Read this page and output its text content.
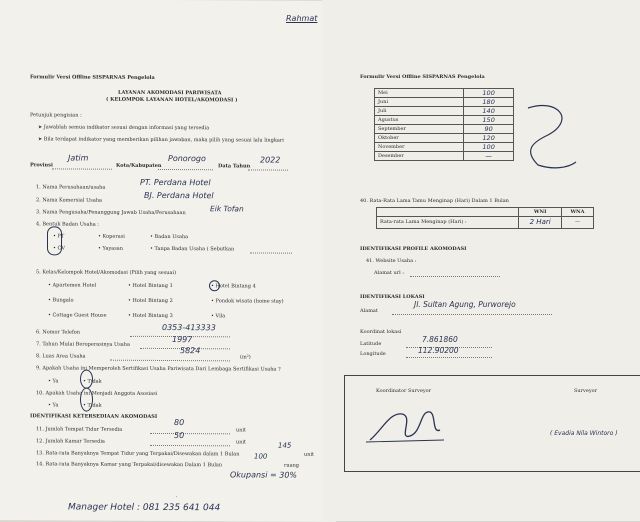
Formulir Versi Offline SISPARNAS Pengelola
LAYANAN AKOMODASI PARIWISATA
( KELOMPOK LAYANAN HOTEL/AKOMODASI )
Petunjuk pengisian :
➤ Jawablah semua indikator sesuai dengan informasi yang tersedia
➤ Bila terdapat indikator yang memberikan pilihan jawaban, maka pilih yang sesuai lalu lingkari
Provinsi
Jatim
Kota/Kabupaten
Ponorogo
Data Tahun
2022
1. Nama Perusahaan/usaha
PT. Perdana Hotel
2. Nama Komersial Usaha
BJ. Perdana Hotel
3. Nama Pengusaha/Penanggung Jawab Usaha/Perusahaan	Eik Tofan
4. Bentuk Badan Usaha :
• PT	• Koperasi	• Badan Usaha
• CV	• Yayasan	• Tanpa Badan Usaha ( Sebutkan
5. Kelas/Kelompok Hotel/Akomodasi (Pilih yang sesuai)
• Apartemen Hotel	• Hotel Bintang 1	• Hotel Bintang 4
• Bungalo	• Hotel Bintang 2	• Pondok wisata (home stay)
• Cottage Guest House	• Hotel Bintang 3	• Vila
6. Nomor Telefon
0353-413333
7. Tahun Mulai Beroperasinya Usaha
1997
8. Luas Area Usaha
5824
(m²)
9. Apakah Usaha ini Memperoleh Sertifikasi Usaha Pariwisata Dari Lembaga Sertifikasi Usaha ?
• Ya	• Tidak
10. Apakah Usaha ini Menjadi Anggota Asosiasi
• Ya	• Tidak
IDENTIFIKASI KETERSEDIAAN AKOMODASI
11. Jumlah Tempat Tidur Tersedia
80
unit
12. Jumlah Kamar Tersedia
50
unit
13. Rata-rata Banyaknya Tempat Tidur yang Terpakai/Disewakan dalam 1 Bulan
145
unit
14. Rata-rata Banyaknya Kamar yang Terpakai/disewakan Dalam 1 Bulan
100
ruang
Okupansi = 30%
.
Manager Hotel : 081 235 641 044
Rahmat
Formulir Versi Offline SISPARNAS Pengelola
Mei	100
Juni	180
Juli	140
Agustus	150
September	90
Oktober	120
November	100
Desember	—
40. Rata-Rata Lama Tamu Menginap (Hari) Dalam 1 Bulan
	WNI	WNA
Rata-rata Lama Menginap (Hari) :	2 Hari	—
IDENTIFIKASI PROFILE AKOMODASI
41. Website Usaha :
Alamat url :
IDENTIFIKASI LOKASI
Alamat
Jl. Sultan Agung, Purworejo
Koordinat lokasi
Latitude	7.861860
Longitude	112.90200
Koordinator Surveyor	Surveyor
( Evadia Nila Wintoro )
